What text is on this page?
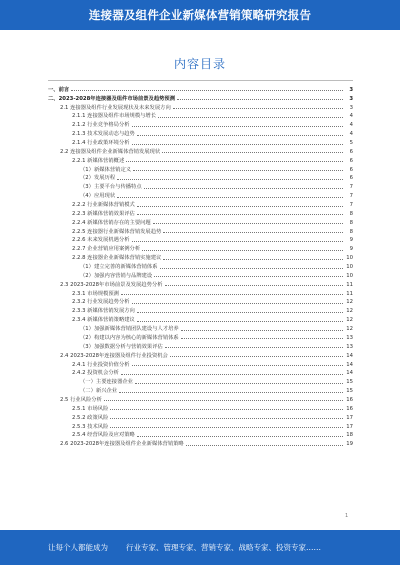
连接器及组件企业新媒体营销策略研究报告
内容目录
一、前言	3
二、2023-2028年连接器及组件市场前景及趋势预测	3
2.1 连接器及组件行业发展现状及未来发展方向	3
2.1.1 连接器及组件市场规模与增长	4
2.1.2 行业竞争格局分析	4
2.1.3 技术发展动态与趋势	4
2.1.4 行业政策环境分析	5
2.2 连接器及组件企业新媒体营销发展现状	6
2.2.1 新媒体营销概述	6
（1）新媒体营销定义	6
（2）发展历程	6
（3）主要平台与传播特点	7
（4）应用现状	7
2.2.2 行业新媒体营销模式	7
2.2.3 新媒体营销效果评估	8
2.2.4 新媒体营销存在的主要问题	8
2.2.5 连接器行业新媒体营销发展趋势	8
2.2.6 未来发展机遇分析	9
2.2.7 企业营销应用案例分析	9
2.2.8 连接器企业新媒体营销实施建议	10
（1）建立完善的新媒体营销体系	10
（2）加强内容营销与品牌建设	10
2.3 2023-2028年市场前景及发展趋势分析	11
2.3.1 市场规模预测	11
2.3.2 行业发展趋势分析	12
2.3.3 新媒体营销发展方向	12
2.3.4 新媒体营销策略建议	12
（1）加强新媒体营销团队建设与人才培养	12
（2）构建以内容为核心的新媒体营销体系	13
（3）加强数据分析与营销效果评估	13
2.4 2023-2028年连接器及组件行业投资机会	14
2.4.1 行业投资价值分析	14
2.4.2 投资机会分析	14
（一）主要连接器企业	15
（二）新兴企业	15
2.5 行业风险分析	16
2.5.1 市场风险	16
2.5.2 政策风险	17
2.5.3 技术风险	17
2.5.4 经营风险及应对策略	18
2.6 2023-2028年连接器及组件企业新媒体营销策略	19
1
让每个人都能成为 行业专家、管理专家、营销专家、战略专家、投资专家……
